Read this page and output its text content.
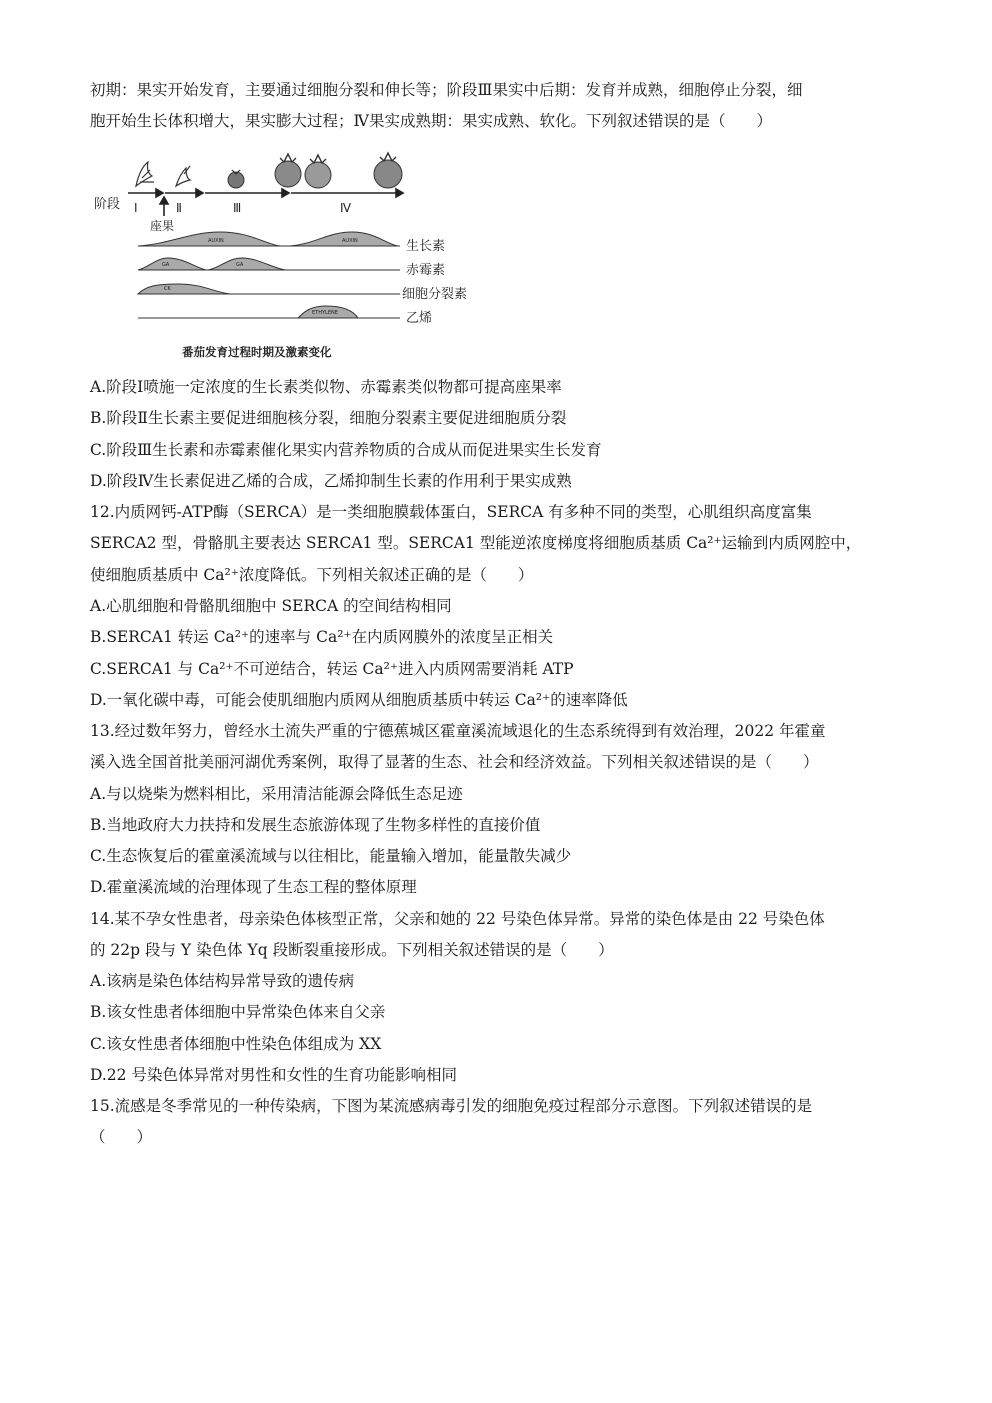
初期：果实开始发育，主要通过细胞分裂和伸长等；阶段Ⅲ果实中后期：发育并成熟，细胞停止分裂，细
胞开始生长体积增大，果实膨大过程；Ⅳ果实成熟期：果实成熟、软化。下列叙述错误的是（　　）
阶段 Ⅰ	Ⅱ	Ⅲ	Ⅳ
座果
AUXIN	AUXIN
GA	GA
CK
ETHYLENE
生长素
赤霉素
细胞分裂素
乙烯
番茄发育过程时期及激素变化
A.阶段Ⅰ喷施一定浓度的生长素类似物、赤霉素类似物都可提高座果率
B.阶段Ⅱ生长素主要促进细胞核分裂，细胞分裂素主要促进细胞质分裂
C.阶段Ⅲ生长素和赤霉素催化果实内营养物质的合成从而促进果实生长发育
D.阶段Ⅳ生长素促进乙烯的合成，乙烯抑制生长素的作用利于果实成熟
12.内质网钙-ATP酶（SERCA）是一类细胞膜载体蛋白，SERCA 有多种不同的类型，心肌组织高度富集
SERCA2 型，骨骼肌主要表达 SERCA1 型。SERCA1 型能逆浓度梯度将细胞质基质 Ca²⁺运输到内质网腔中，
使细胞质基质中 Ca²⁺浓度降低。下列相关叙述正确的是（　　）
A.心肌细胞和骨骼肌细胞中 SERCA 的空间结构相同
B.SERCA1 转运 Ca²⁺的速率与 Ca²⁺在内质网膜外的浓度呈正相关
C.SERCA1 与 Ca²⁺不可逆结合，转运 Ca²⁺进入内质网需要消耗 ATP
D.一氧化碳中毒，可能会使肌细胞内质网从细胞质基质中转运 Ca²⁺的速率降低
13.经过数年努力，曾经水土流失严重的宁德蕉城区霍童溪流域退化的生态系统得到有效治理，2022 年霍童
溪入选全国首批美丽河湖优秀案例，取得了显著的生态、社会和经济效益。下列相关叙述错误的是（　　）
A.与以烧柴为燃料相比，采用清洁能源会降低生态足迹
B.当地政府大力扶持和发展生态旅游体现了生物多样性的直接价值
C.生态恢复后的霍童溪流域与以往相比，能量输入增加，能量散失减少
D.霍童溪流域的治理体现了生态工程的整体原理
14.某不孕女性患者，母亲染色体核型正常，父亲和她的 22 号染色体异常。异常的染色体是由 22 号染色体
的 22p 段与 Y 染色体 Yq 段断裂重接形成。下列相关叙述错误的是（　　）
A.该病是染色体结构异常导致的遗传病
B.该女性患者体细胞中异常染色体来自父亲
C.该女性患者体细胞中性染色体组成为 XX
D.22 号染色体异常对男性和女性的生育功能影响相同
15.流感是冬季常见的一种传染病，下图为某流感病毒引发的细胞免疫过程部分示意图。下列叙述错误的是
（　　）
